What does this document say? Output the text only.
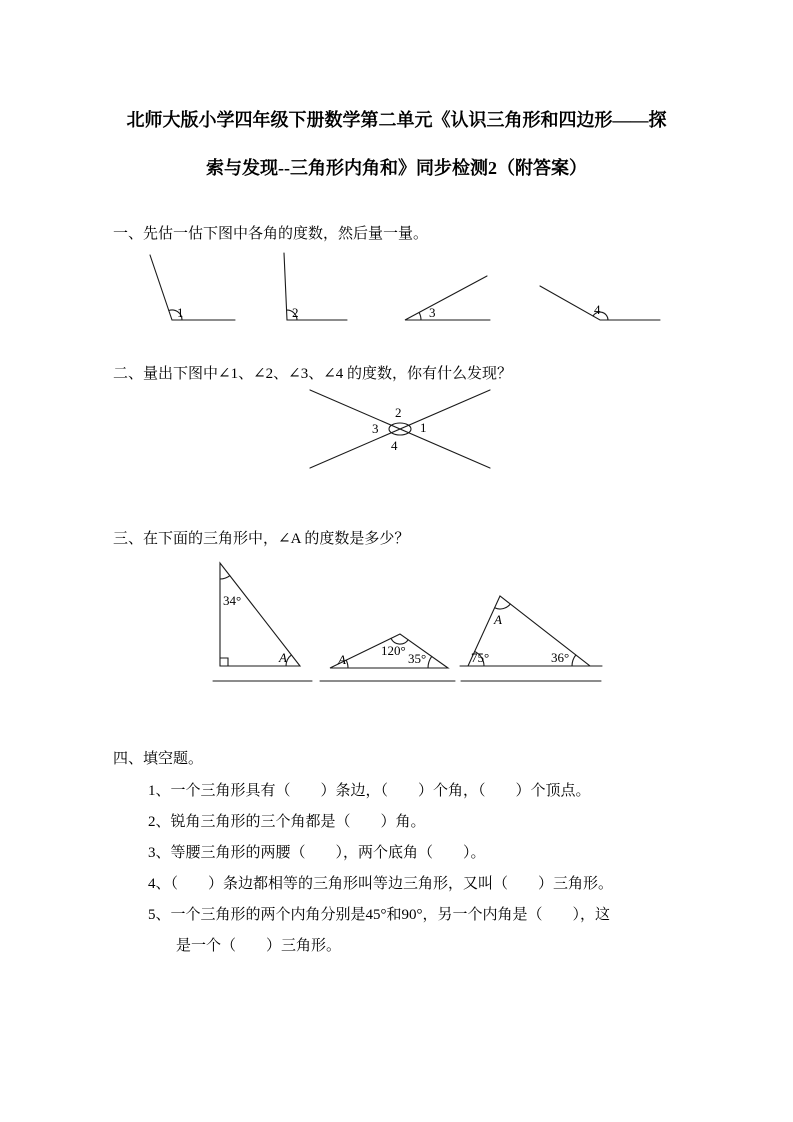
北师大版小学四年级下册数学第二单元《认识三角形和四边形——探
索与发现--三角形内角和》同步检测2（附答案）
一、先估一估下图中各角的度数，然后量一量。
1	2	3	4
二、量出下图中∠1、∠2、∠3、∠4 的度数，你有什么发现？
2
3	1
4
三、在下面的三角形中，∠A 的度数是多少？
34°
A	A
120°
35°
A
75°	36°
四、填空题。
1、一个三角形具有（　　）条边，（　　）个角，（　　）个顶点。
2、锐角三角形的三个角都是（　　）角。
3、等腰三角形的两腰（　　），两个底角（　　）。
4、（　　）条边都相等的三角形叫等边三角形，又叫（　　）三角形。
5、一个三角形的两个内角分别是45°和90°，另一个内角是（　　），这
是一个（　　）三角形。
